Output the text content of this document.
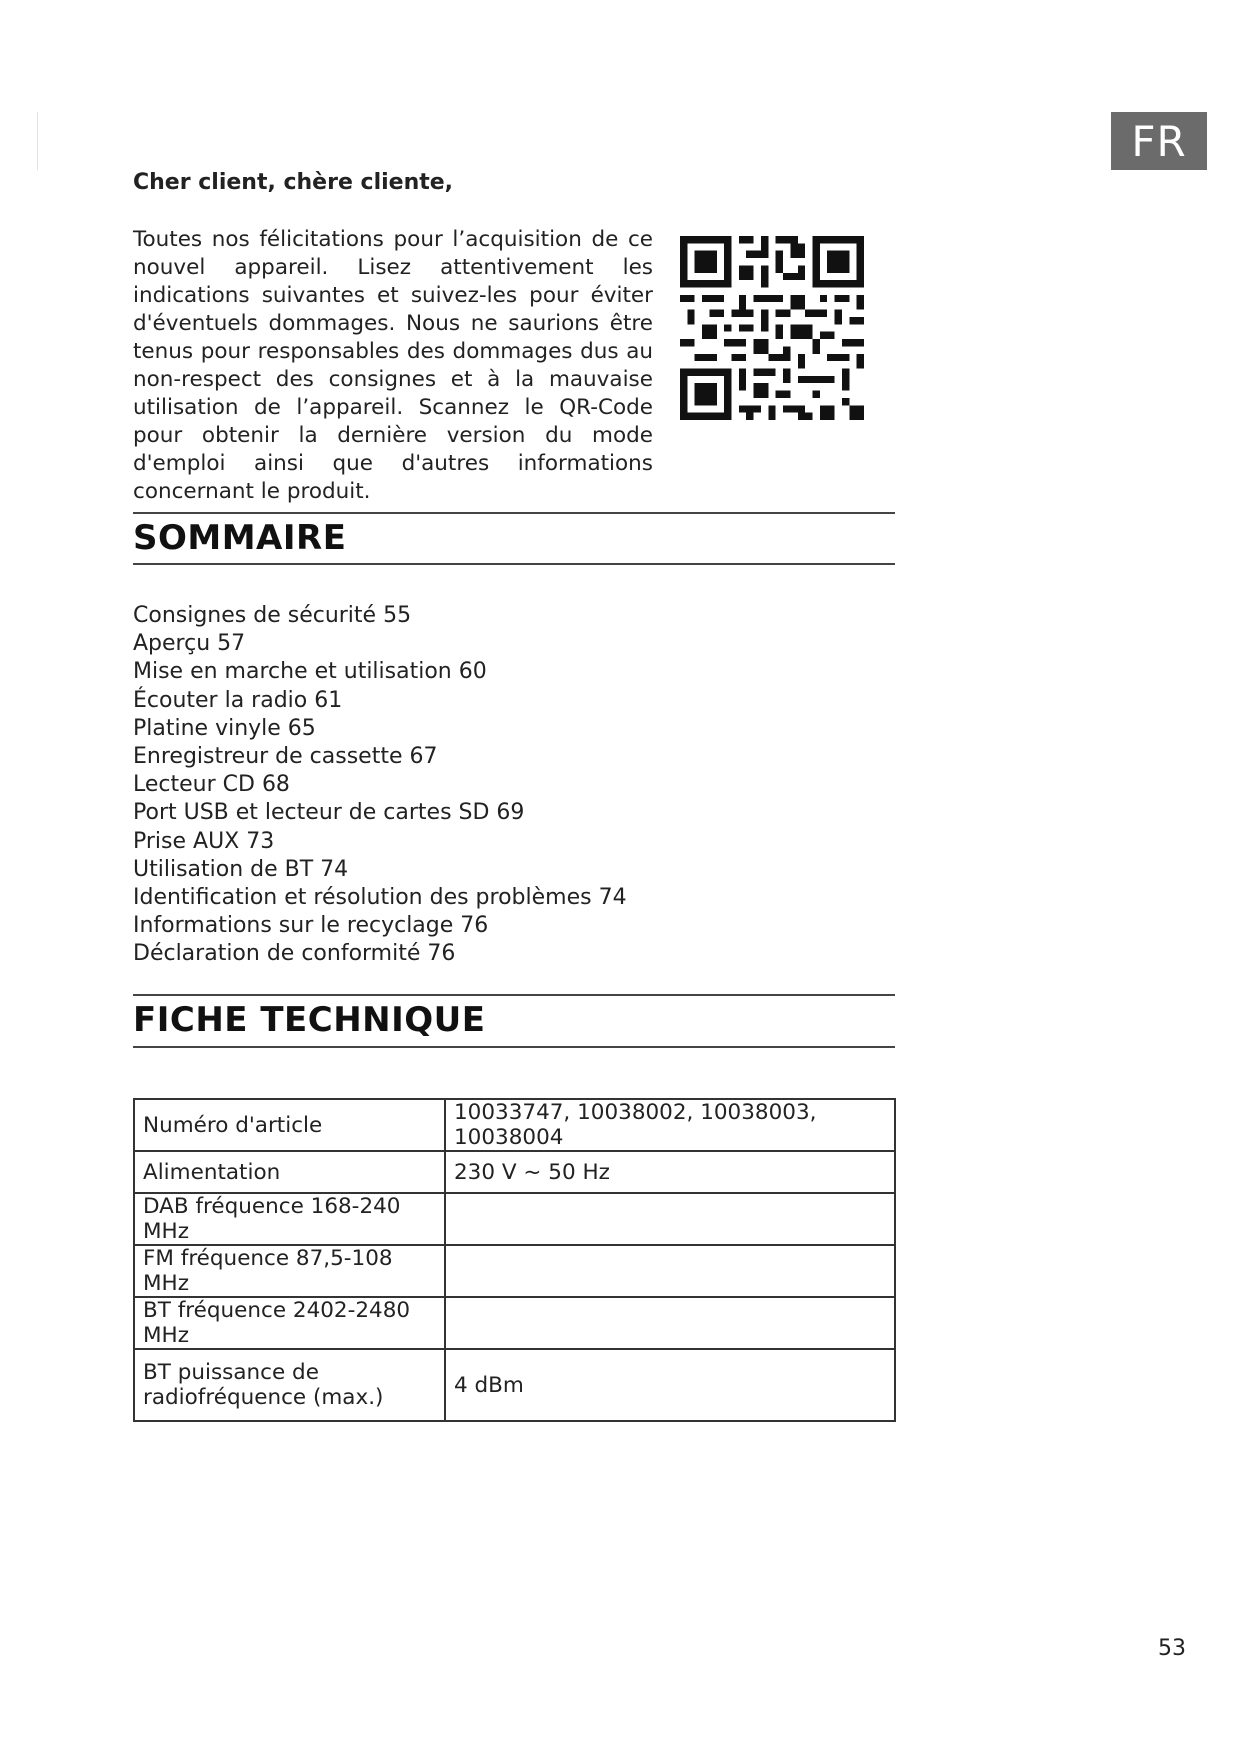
FR
Cher client, chère cliente,
Toutes nos félicitations pour l’acquisition de ce nouvel appareil. Lisez attentivement les indications suivantes et suivez-les pour éviter d'éventuels dommages. Nous ne saurions être tenus pour responsables des dommages dus au non-respect des consignes et à la mauvaise utilisation de l’appareil. Scannez le QR-Code pour obtenir la dernière version du mode d'emploi ainsi que d'autres informations concernant le produit.
SOMMAIRE
Consignes de sécurité 55
Aperçu 57
Mise en marche et utilisation 60
Écouter la radio 61
Platine vinyle 65
Enregistreur de cassette 67
Lecteur CD 68
Port USB et lecteur de cartes SD 69
Prise AUX 73
Utilisation de BT 74
Identification et résolution des problèmes 74
Informations sur le recyclage 76
Déclaration de conformité 76
FICHE TECHNIQUE
Numéro d'article	10033747, 10038002, 10038003, 10038004
Alimentation	230 V ~ 50 Hz
DAB fréquence 168-240 MHz	
FM fréquence 87,5-108 MHz	
BT fréquence 2402-2480 MHz	
BT puissance de radiofréquence (max.)	4 dBm
53
